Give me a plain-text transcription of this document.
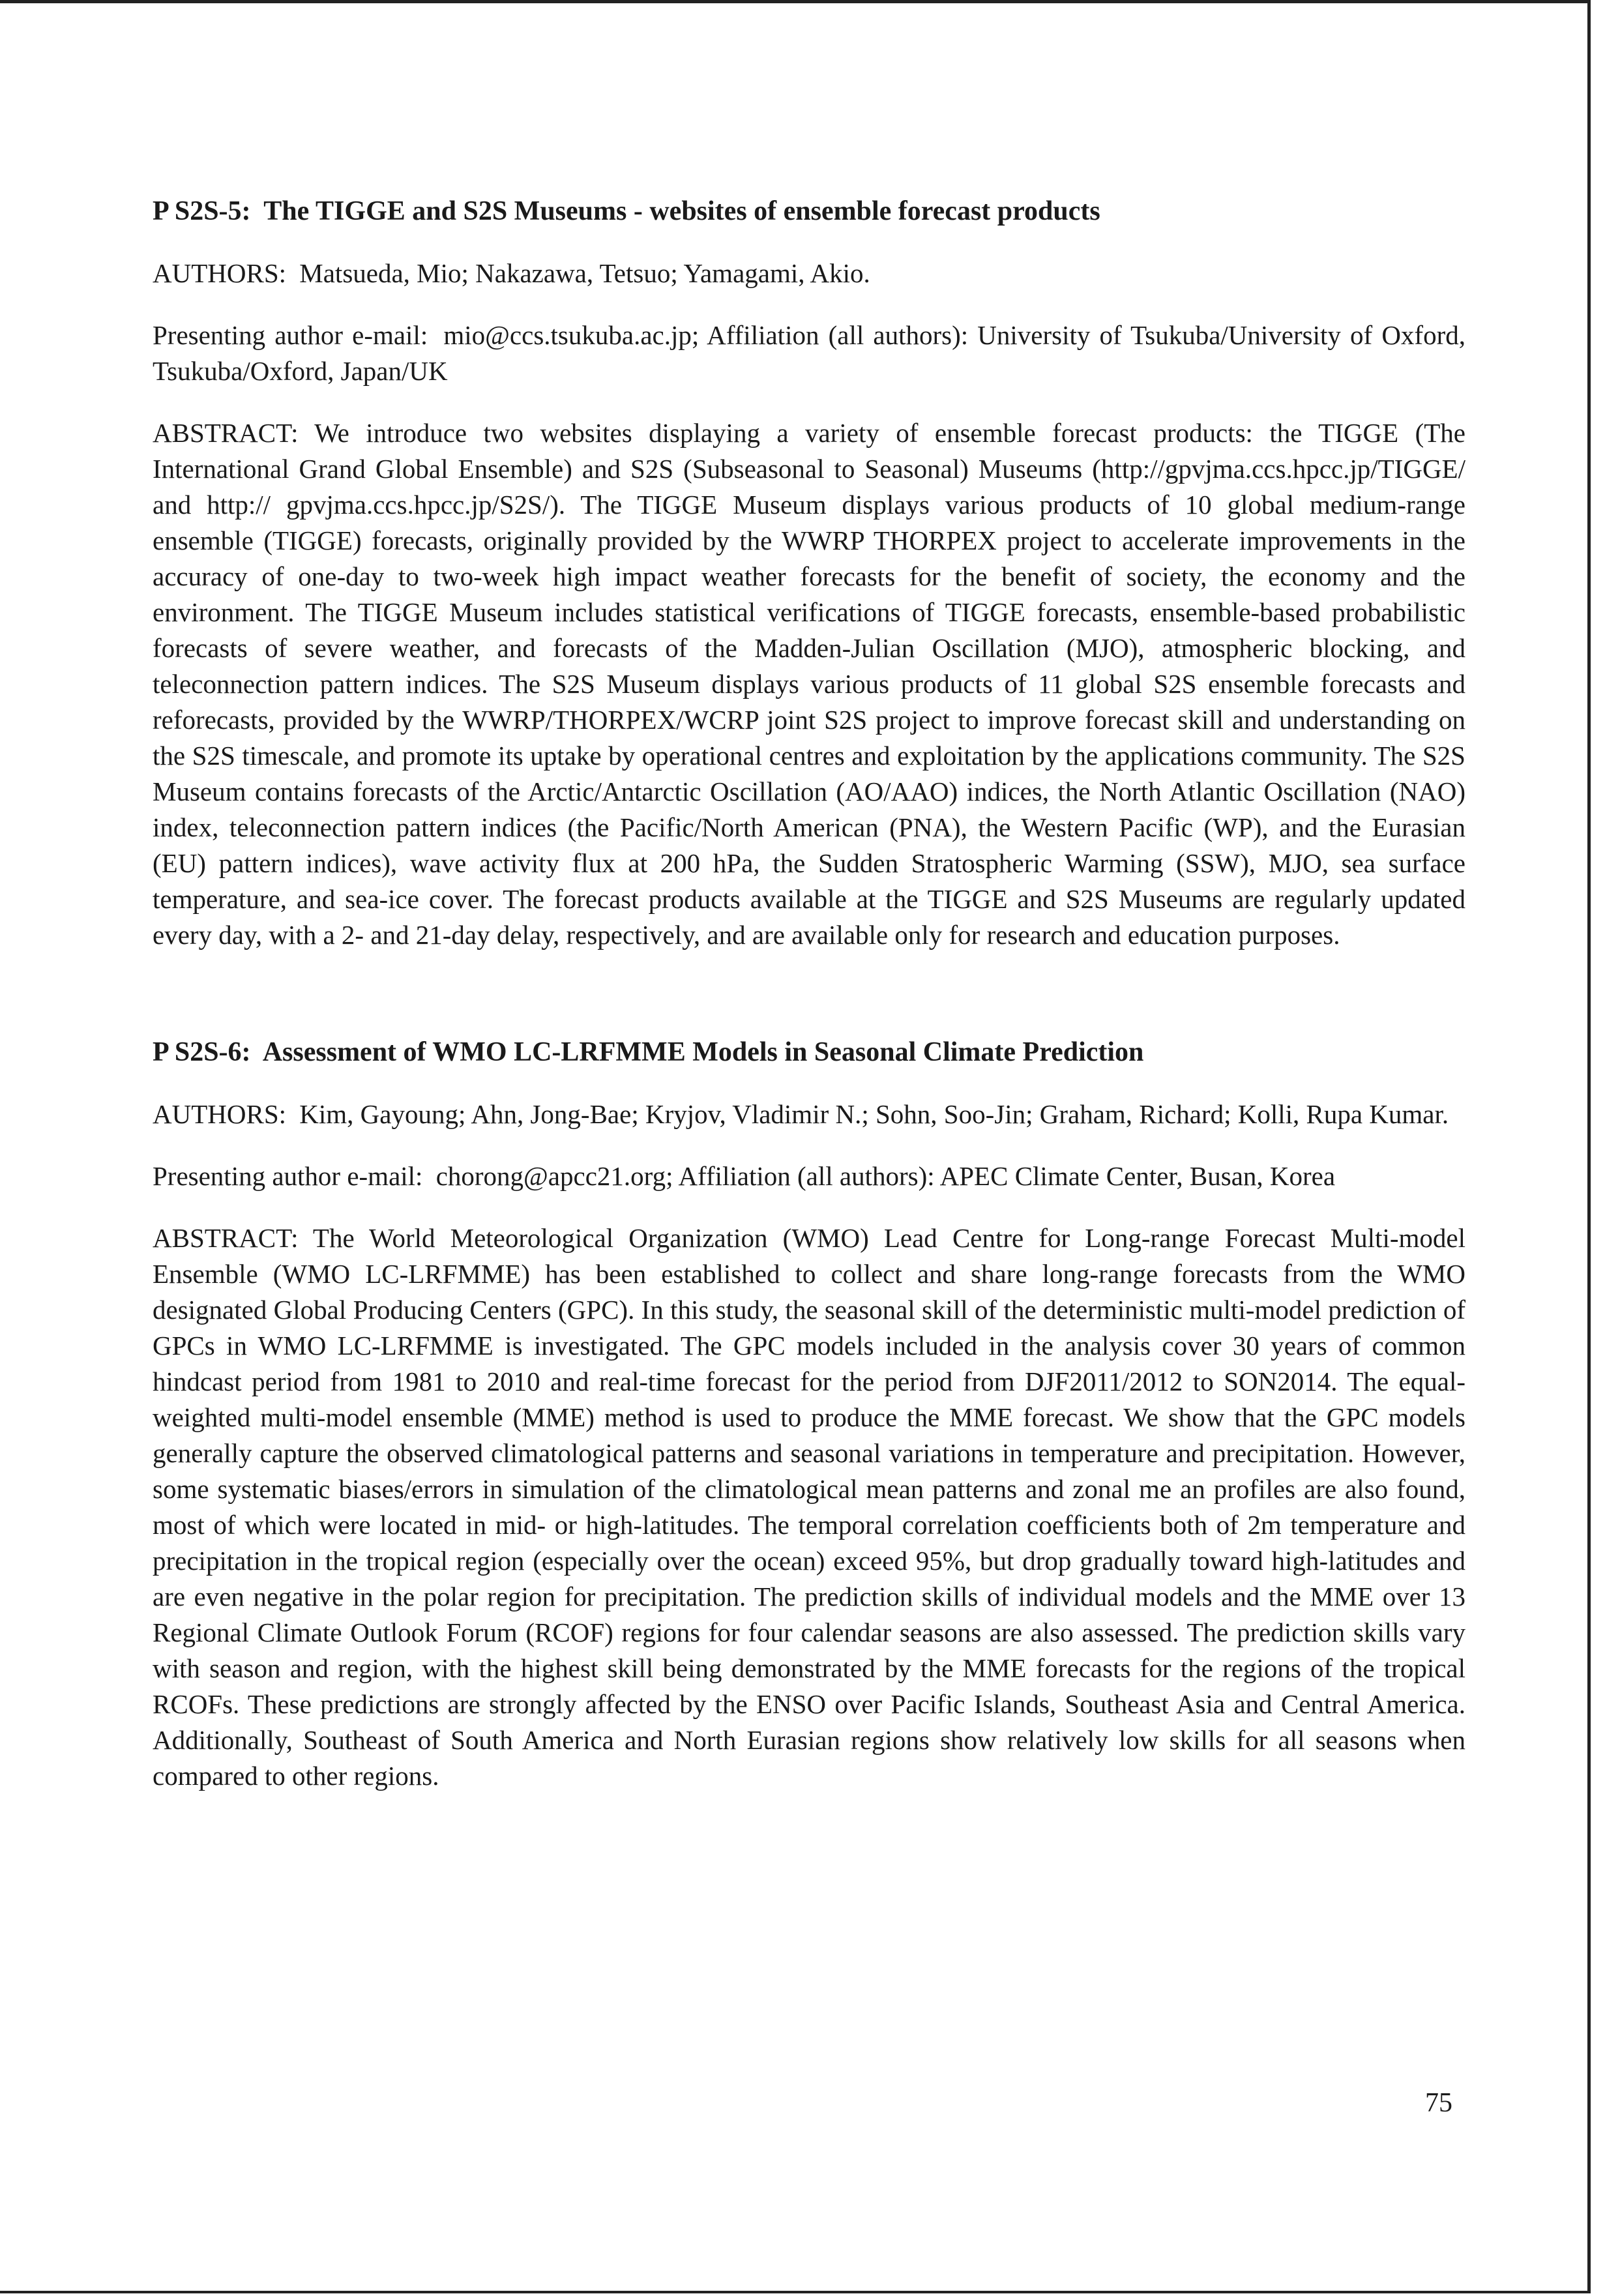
P S2S-5: The TIGGE and S2S Museums - websites of ensemble forecast products

AUTHORS: Matsueda, Mio; Nakazawa, Tetsuo; Yamagami, Akio.

Presenting author e-mail: mio@ccs.tsukuba.ac.jp; Affiliation (all authors): University of Tsukuba/University of Oxford, Tsukuba/Oxford, Japan/UK

ABSTRACT: We introduce two websites displaying a variety of ensemble forecast products: the TIGGE (The International Grand Global Ensemble) and S2S (Subseasonal to Seasonal) Museums (http://gpvjma.ccs.hpcc.jp/TIGGE/ and http:// gpvjma.ccs.hpcc.jp/S2S/). The TIGGE Museum displays various products of 10 global medium-range ensemble (TIGGE) forecasts, originally provided by the WWRP THORPEX project to accelerate improvements in the accuracy of one-day to two-week high impact weather forecasts for the benefit of society, the economy and the environment. The TIGGE Museum includes statistical verifications of TIGGE forecasts, ensemble-based probabilistic forecasts of severe weather, and forecasts of the Madden-Julian Oscillation (MJO), atmospheric blocking, and teleconnection pattern indices. The S2S Museum displays various products of 11 global S2S ensemble forecasts and reforecasts, provided by the WWRP/THORPEX/WCRP joint S2S project to improve forecast skill and understanding on the S2S timescale, and promote its uptake by operational centres and exploitation by the applications community. The S2S Museum contains forecasts of the Arctic/Antarctic Oscillation (AO/AAO) indices, the North Atlantic Oscillation (NAO) index, teleconnection pattern indices (the Pacific/North American (PNA), the Western Pacific (WP), and the Eurasian (EU) pattern indices), wave activity flux at 200 hPa, the Sudden Stratospheric Warming (SSW), MJO, sea surface temperature, and sea-ice cover. The forecast products available at the TIGGE and S2S Museums are regularly updated every day, with a 2- and 21-day delay, respectively, and are available only for research and education purposes.

P S2S-6: Assessment of WMO LC-LRFMME Models in Seasonal Climate Prediction

AUTHORS: Kim, Gayoung; Ahn, Jong-Bae; Kryjov, Vladimir N.; Sohn, Soo-Jin; Graham, Richard; Kolli, Rupa Kumar.

Presenting author e-mail: chorong@apcc21.org; Affiliation (all authors): APEC Climate Center, Busan, Korea

ABSTRACT: The World Meteorological Organization (WMO) Lead Centre for Long-range Forecast Multi-model Ensemble (WMO LC-LRFMME) has been established to collect and share long-range forecasts from the WMO designated Global Producing Centers (GPC). In this study, the seasonal skill of the deterministic multi-model prediction of GPCs in WMO LC-LRFMME is investigated. The GPC models included in the analysis cover 30 years of common hindcast period from 1981 to 2010 and real-time forecast for the period from DJF2011/2012 to SON2014. The equal-weighted multi-model ensemble (MME) method is used to produce the MME forecast. We show that the GPC models generally capture the observed climatological patterns and seasonal variations in temperature and precipitation. However, some systematic biases/errors in simulation of the climatological mean patterns and zonal me an profiles are also found, most of which were located in mid- or high-latitudes. The temporal correlation coefficients both of 2m temperature and precipitation in the tropical region (especially over the ocean) exceed 95%, but drop gradually toward high-latitudes and are even negative in the polar region for precipitation. The prediction skills of individual models and the MME over 13 Regional Climate Outlook Forum (RCOF) regions for four calendar seasons are also assessed. The prediction skills vary with season and region, with the highest skill being demonstrated by the MME forecasts for the regions of the tropical RCOFs. These predictions are strongly affected by the ENSO over Pacific Islands, Southeast Asia and Central America. Additionally, Southeast of South America and North Eurasian regions show relatively low skills for all seasons when compared to other regions.

75
